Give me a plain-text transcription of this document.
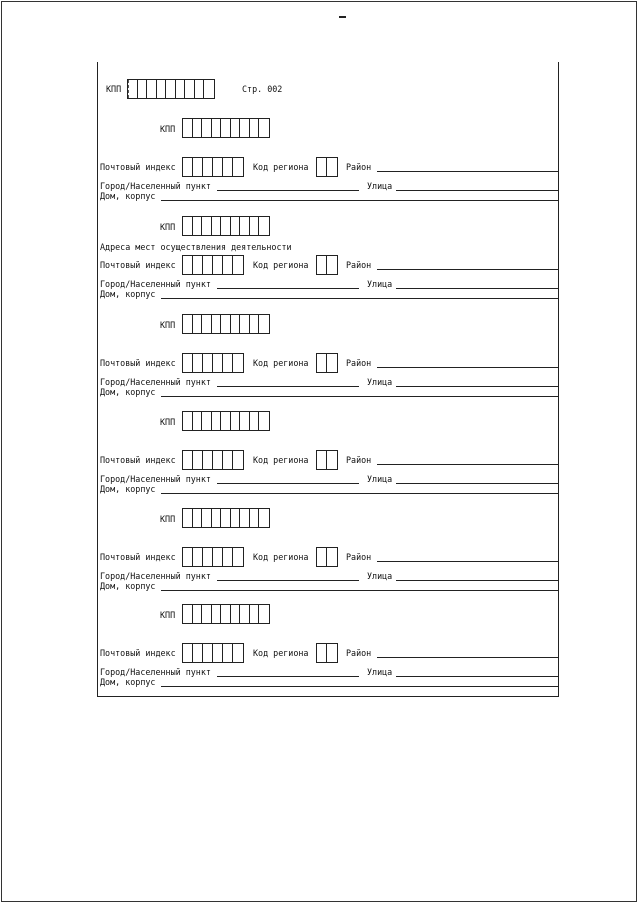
КПП	Стр. 002
КПП
Почтовый индекс	Код региона	Район
Город/Населенный пункт	Улица
Дом, корпус
КПП
Адреса мест осуществления деятельности
Почтовый индекс	Код региона	Район
Город/Населенный пункт	Улица
Дом, корпус
КПП
Почтовый индекс	Код региона	Район
Город/Населенный пункт	Улица
Дом, корпус
КПП
Почтовый индекс	Код региона	Район
Город/Населенный пункт	Улица
Дом, корпус
КПП
Почтовый индекс	Код региона	Район
Город/Населенный пункт	Улица
Дом, корпус
КПП
Почтовый индекс	Код региона	Район
Город/Населенный пункт	Улица
Дом, корпус
